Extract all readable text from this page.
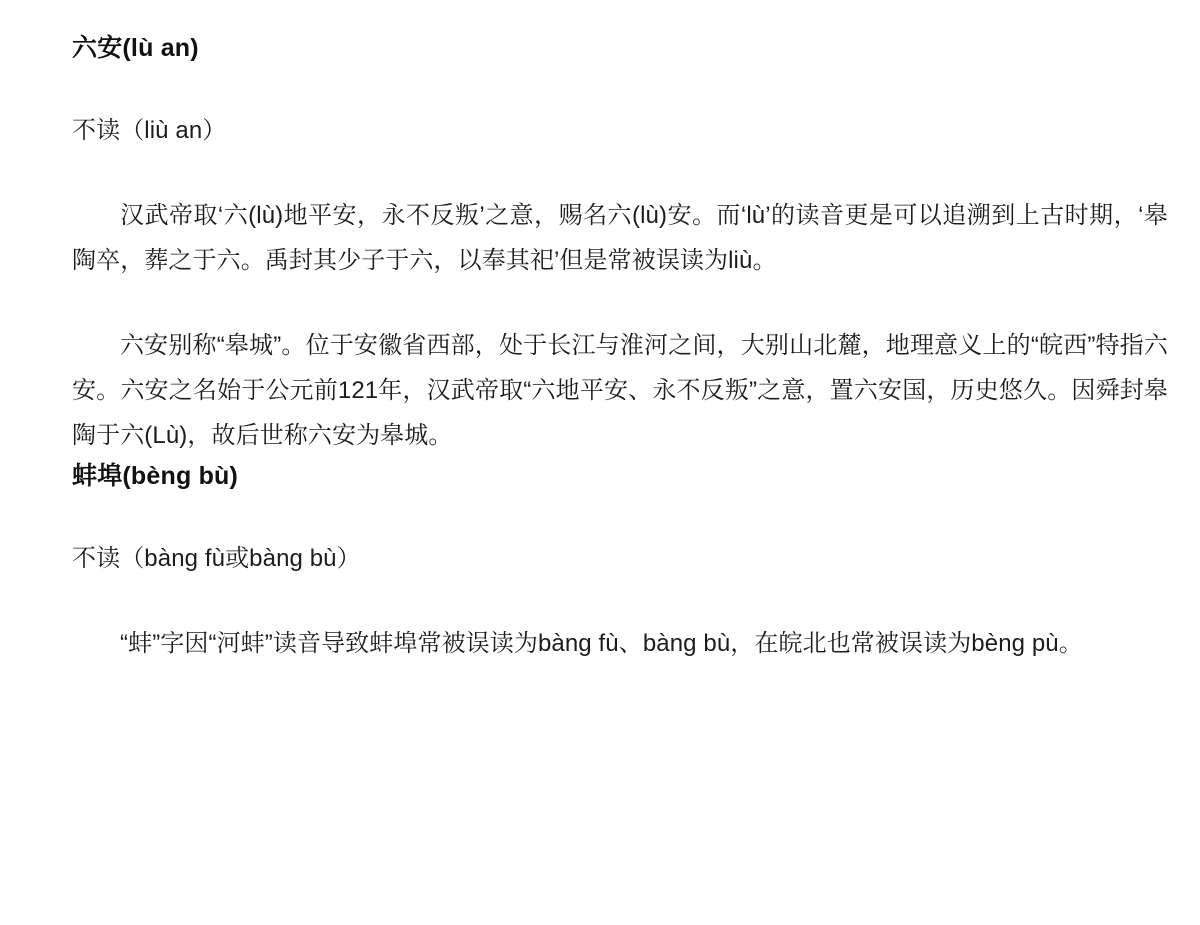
六安(lù an)

不读（liù an）

汉武帝取‘六(lù)地平安，永不反叛’之意，赐名六(lù)安。而‘lù’的读音更是可以追溯到上古时期，‘皋陶卒，葬之于六。禹封其少子于六，以奉其祀’但是常被误读为liù。

六安别称“皋城”。位于安徽省西部，处于长江与淮河之间，大别山北麓，地理意义上的“皖西”特指六安。六安之名始于公元前121年，汉武帝取“六地平安、永不反叛”之意，置六安国，历史悠久。因舜封皋陶于六(Lù)，故后世称六安为皋城。

蚌埠(bèng bù)

不读（bàng fù或bàng bù）

“蚌”字因“河蚌”读音导致蚌埠常被误读为bàng fù、bàng bù，在皖北也常被误读为bèng pù。
